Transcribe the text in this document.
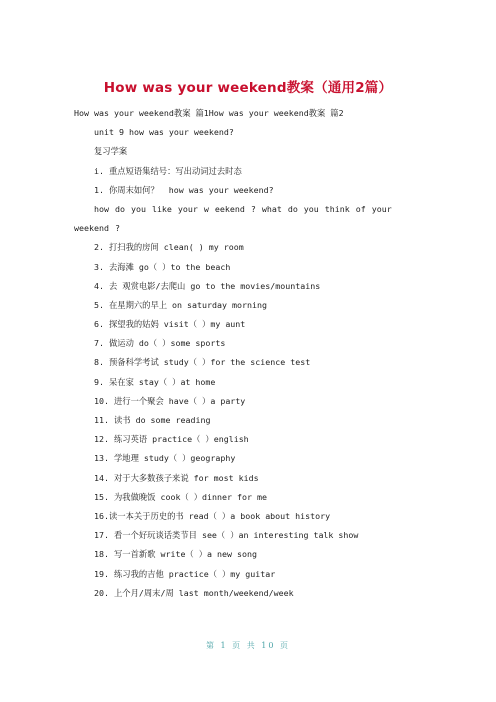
How was your weekend教案（通用2篇）
How was your weekend教案 篇1How was your weekend教案 篇2
unit 9 how was your weekend?
复习学案
i. 重点短语集结号：写出动词过去时态
1. 你周末如何？  how was your weekend?
how do you like your w eekend ? what do you think of your weekend ?
2. 打扫我的房间 clean( ) my room
3. 去海滩 go（ ）to the beach
4. 去 观赏电影/去爬山 go to the movies/mountains
5. 在星期六的早上 on saturday morning
6. 探望我的姑妈 visit（ ）my aunt
7. 做运动 do（ ）some sports
8. 预备科学考试 study（ ）for the science test
9. 呆在家 stay（ ）at home
10. 进行一个聚会 have（ ）a party
11. 读书 do some reading
12. 练习英语 practice（ ）english
13. 学地理 study（ ）geography
14. 对于大多数孩子来说 for most kids
15. 为我做晚饭 cook（ ）dinner for me
16.读一本关于历史的书 read（ ）a book about history
17. 看一个好玩谈话类节目 see（ ）an interesting talk show
18. 写一首新歌 write（ ）a new song
19. 练习我的吉他 practice（ ）my guitar
20. 上个月/周末/周 last month/weekend/week
第 1 页 共 10 页
